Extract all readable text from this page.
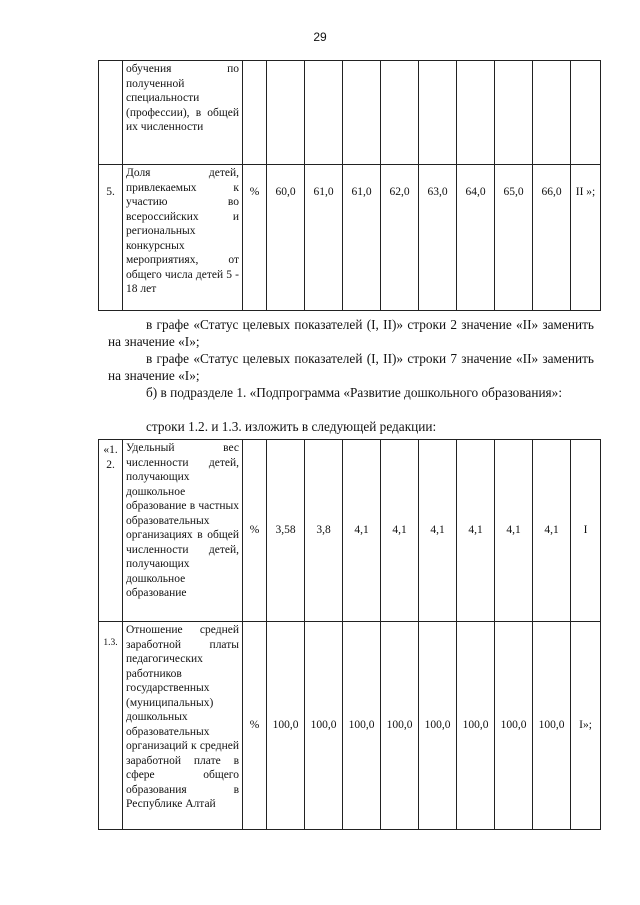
29
	обучения по полученной специальности (профессии), в общей их численности										
5.	Доля детей, привлекаемых к участию во всероссийских и региональных конкурсных мероприятиях, от общего числа детей 5 - 18 лет	%	60,0	61,0	61,0	62,0	63,0	64,0	65,0	66,0	II »;
в графе «Статус целевых показателей (I, II)» строки 2 значение «II» заменить на значение «I»;
в графе «Статус целевых показателей (I, II)» строки 7 значение «II» заменить на значение «I»;
б) в подразделе 1. «Подпрограмма «Развитие дошкольного образования»:
строки 1.2. и 1.3. изложить в следующей редакции:
«1. 2.	Удельный вес численности детей, получающих дошкольное образование в частных образовательных организациях в общей численности детей, получающих дошкольное образование	%	3,58	3,8	4,1	4,1	4,1	4,1	4,1	4,1	I
1.3.	Отношение средней заработной платы педагогических работников государственных (муниципальных) дошкольных образовательных организаций к средней заработной плате в сфере общего образования в Республике Алтай	%	100,0	100,0	100,0	100,0	100,0	100,0	100,0	100,0	I»;
